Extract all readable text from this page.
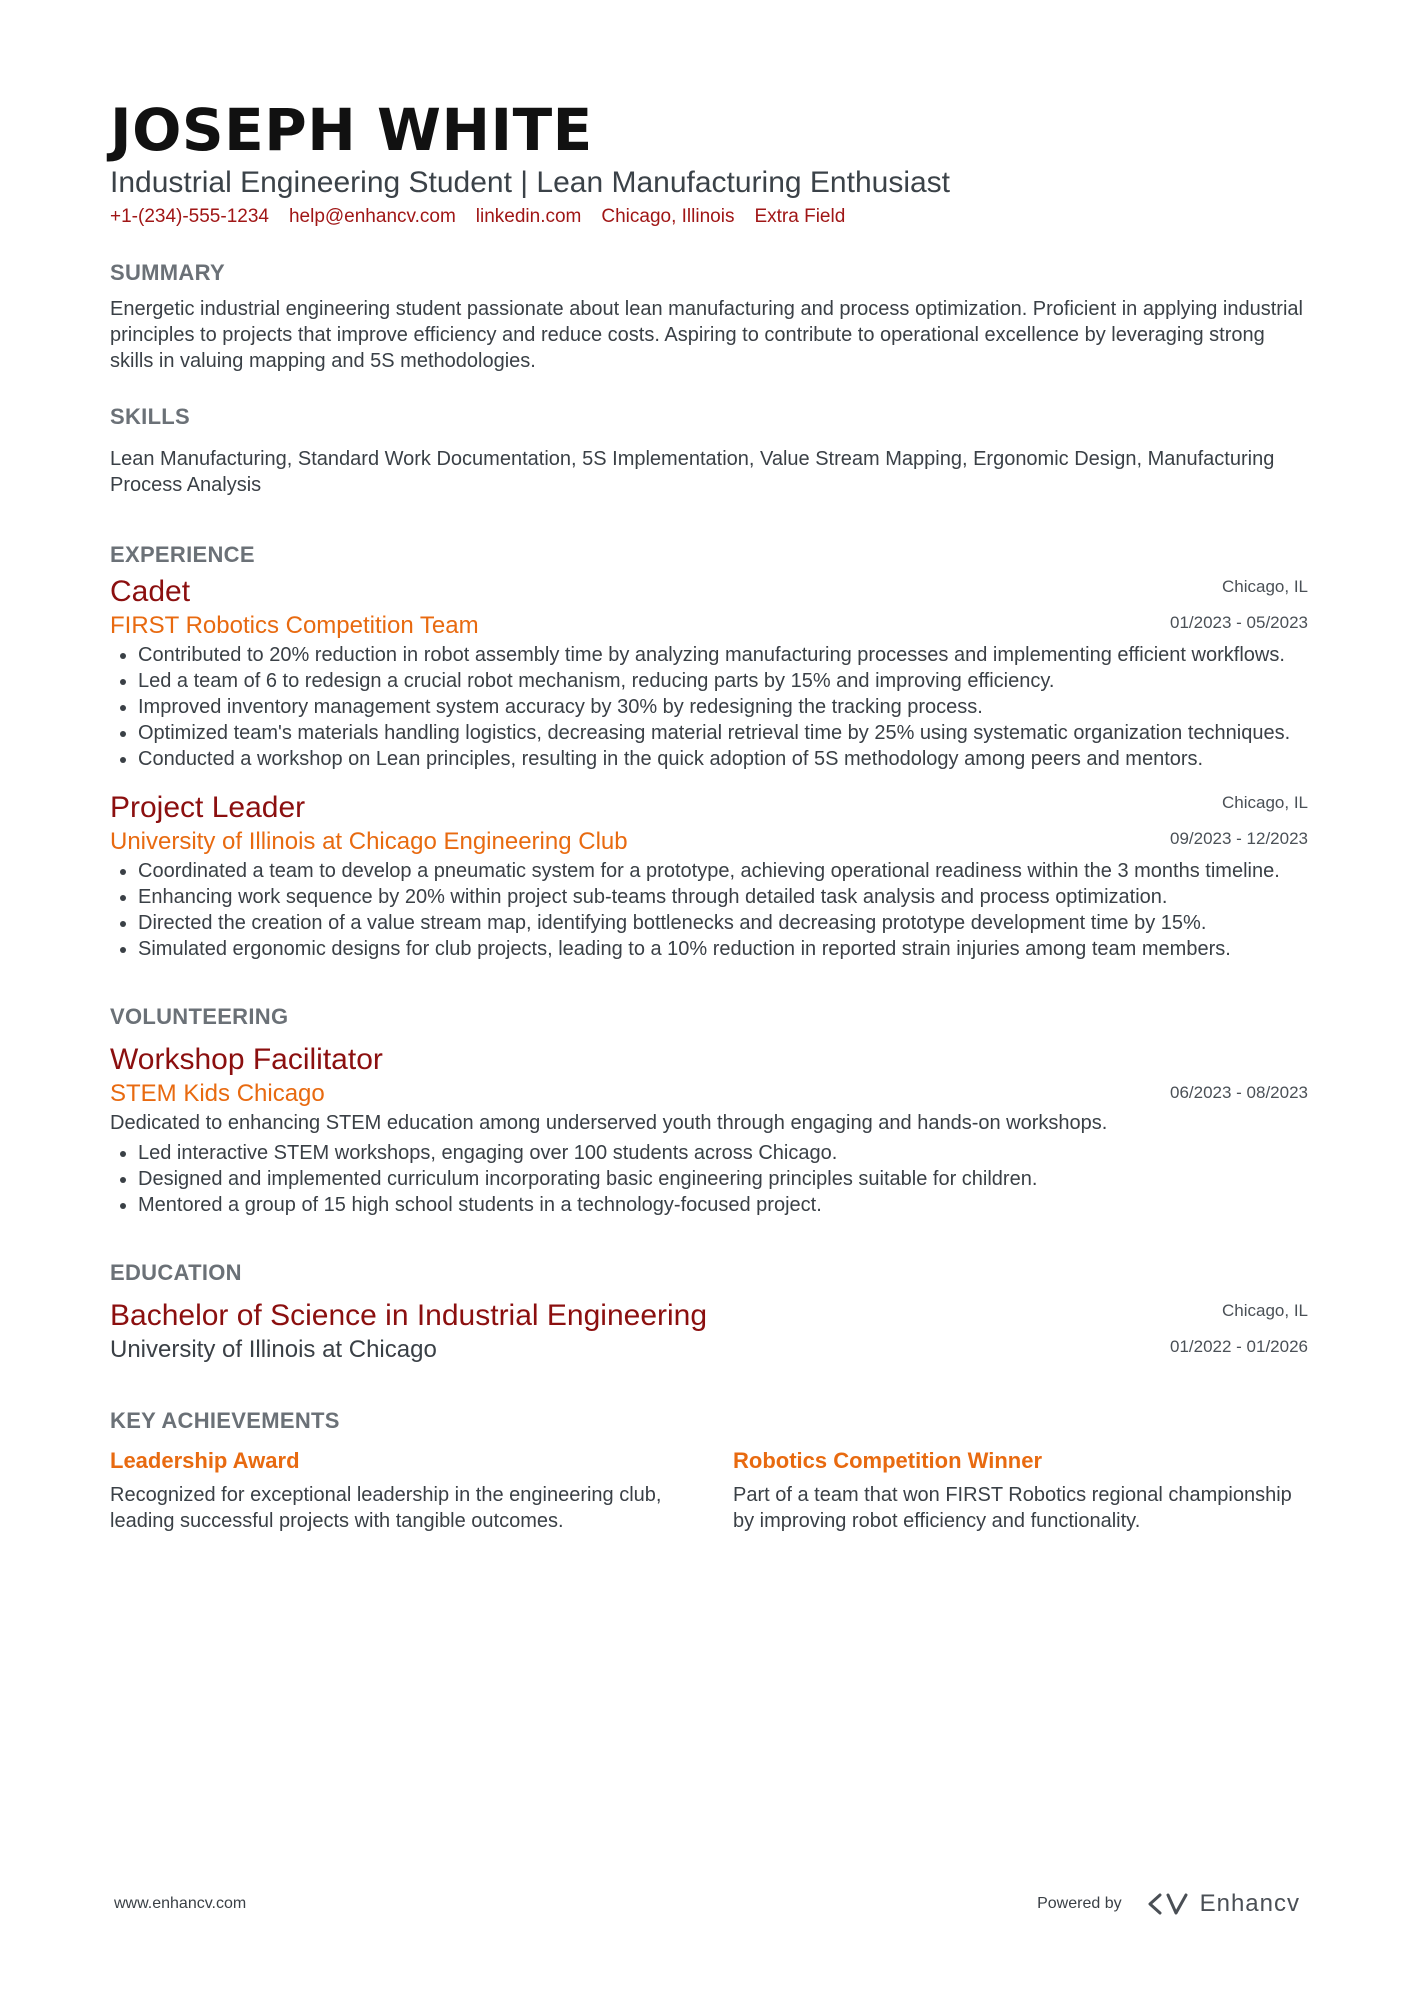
JOSEPH WHITE

Industrial Engineering Student | Lean Manufacturing Enthusiast

+1-(234)-555-1234 help@enhancv.com linkedin.com Chicago, Illinois Extra Field
SUMMARY
Energetic industrial engineering student passionate about lean manufacturing and process optimization. Proficient in applying industrial principles to projects that improve efficiency and reduce costs. Aspiring to contribute to operational excellence by leveraging strong skills in valuing mapping and 5S methodologies.
SKILLS
Lean Manufacturing, Standard Work Documentation, 5S Implementation, Value Stream Mapping, Ergonomic Design, Manufacturing Process Analysis
EXPERIENCE
Cadet
FIRST Robotics Competition Team
Chicago, IL
01/2023 - 05/2023
• Contributed to 20% reduction in robot assembly time by analyzing manufacturing processes and implementing efficient workflows.
• Led a team of 6 to redesign a crucial robot mechanism, reducing parts by 15% and improving efficiency.
• Improved inventory management system accuracy by 30% by redesigning the tracking process.
• Optimized team's materials handling logistics, decreasing material retrieval time by 25% using systematic organization techniques.
• Conducted a workshop on Lean principles, resulting in the quick adoption of 5S methodology among peers and mentors.
Project Leader
University of Illinois at Chicago Engineering Club
Chicago, IL
09/2023 - 12/2023
• Coordinated a team to develop a pneumatic system for a prototype, achieving operational readiness within the 3 months timeline.
• Enhancing work sequence by 20% within project sub-teams through detailed task analysis and process optimization.
• Directed the creation of a value stream map, identifying bottlenecks and decreasing prototype development time by 15%.
• Simulated ergonomic designs for club projects, leading to a 10% reduction in reported strain injuries among team members.
VOLUNTEERING
Workshop Facilitator
STEM Kids Chicago	06/2023 - 08/2023
Dedicated to enhancing STEM education among underserved youth through engaging and hands-on workshops.
• Led interactive STEM workshops, engaging over 100 students across Chicago.
• Designed and implemented curriculum incorporating basic engineering principles suitable for children.
• Mentored a group of 15 high school students in a technology-focused project.
EDUCATION
Bachelor of Science in Industrial Engineering
University of Illinois at Chicago
Chicago, IL
01/2022 - 01/2026
KEY ACHIEVEMENTS
Leadership Award
Recognized for exceptional leadership in the engineering club, leading successful projects with tangible outcomes.
Robotics Competition Winner
Part of a team that won FIRST Robotics regional championship by improving robot efficiency and functionality.
www.enhancv.com	Powered by	Enhancv
